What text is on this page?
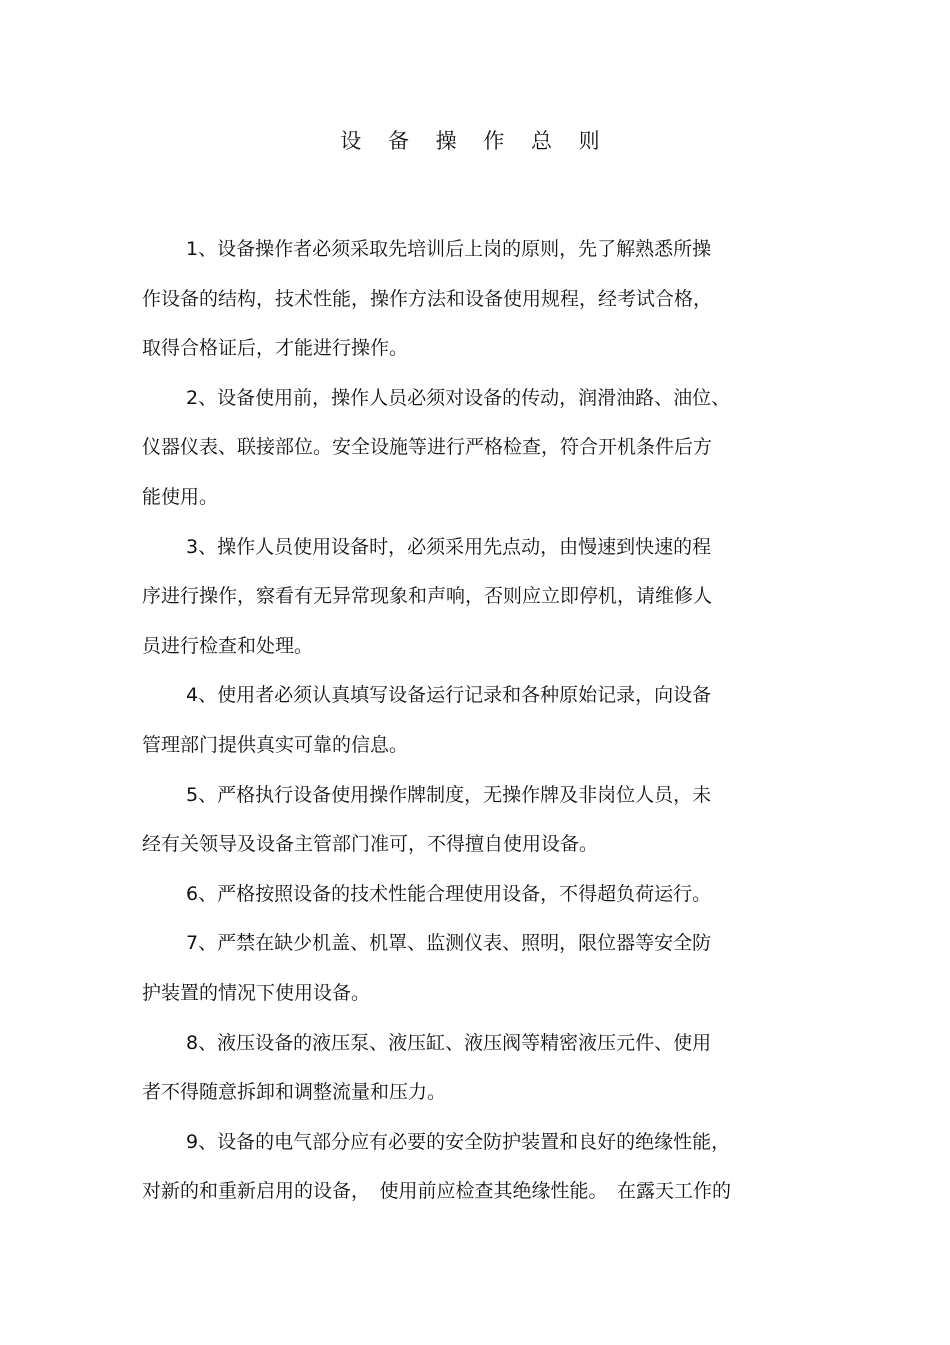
设 备 操 作 总 则

1、设备操作者必须采取先培训后上岗的原则，先了解熟悉所操
作设备的结构，技术性能，操作方法和设备使用规程，经考试合格，
取得合格证后，才能进行操作。

2、设备使用前，操作人员必须对设备的传动，润滑油路、油位、
仪器仪表、联接部位。安全设施等进行严格检查，符合开机条件后方
能使用。

3、操作人员使用设备时，必须采用先点动，由慢速到快速的程
序进行操作，察看有无异常现象和声响，否则应立即停机，请维修人
员进行检查和处理。

4、使用者必须认真填写设备运行记录和各种原始记录，向设备
管理部门提供真实可靠的信息。

5、严格执行设备使用操作牌制度，无操作牌及非岗位人员，未
经有关领导及设备主管部门准可，不得擅自使用设备。

6、严格按照设备的技术性能合理使用设备，不得超负荷运行。

7、严禁在缺少机盖、机罩、监测仪表、照明，限位器等安全防
护装置的情况下使用设备。

8、液压设备的液压泵、液压缸、液压阀等精密液压元件、使用
者不得随意拆卸和调整流量和压力。

9、设备的电气部分应有必要的安全防护装置和良好的绝缘性能，
对新的和重新启用的设备，　使用前应检查其绝缘性能。　在露天工作的
